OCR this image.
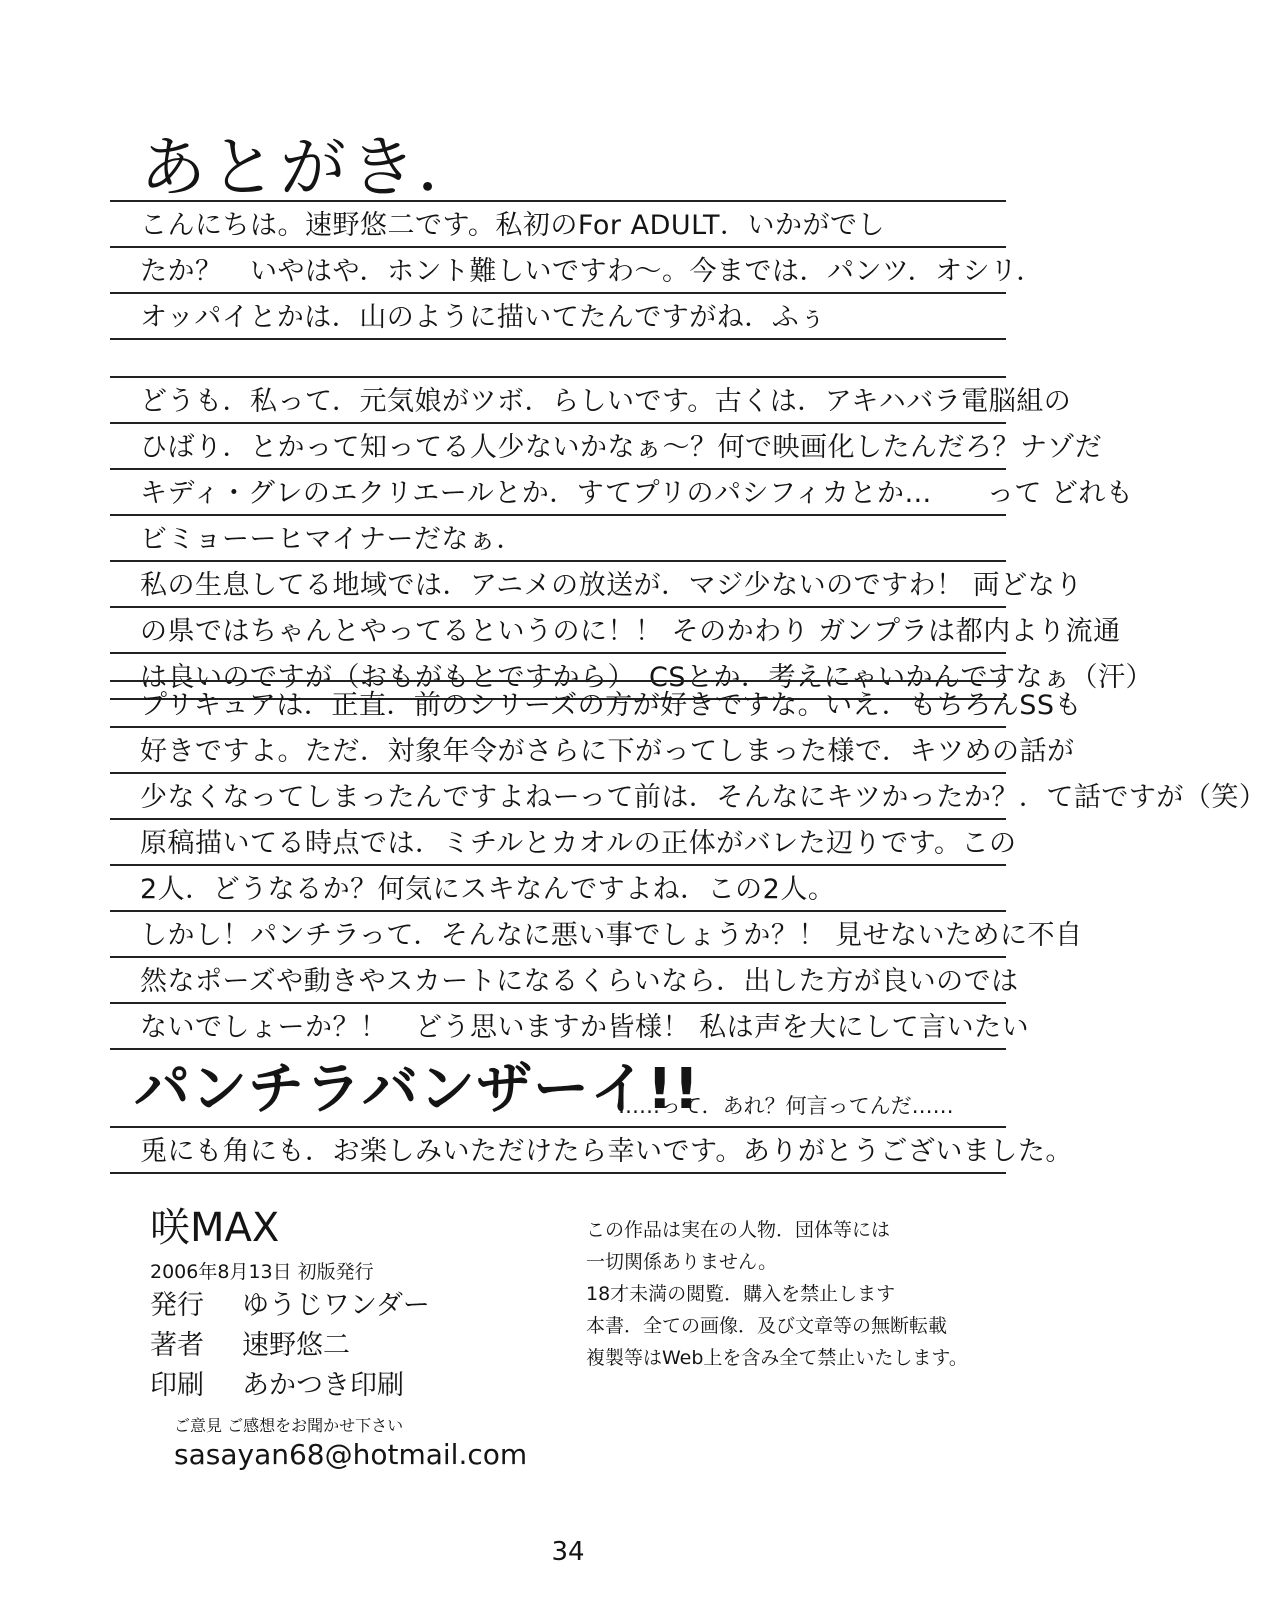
あとがき．
こんにちは。速野悠二です。私初のFor ADULT．いかがでし
たか？　いやはや．ホント難しいですわ～。今までは．パンツ．オシリ．
オッパイとかは．山のように描いてたんですがね．ふぅ
どうも．私って．元気娘がツボ．らしいです。古くは．アキハバラ電脳組の
ひばり．とかって知ってる人少ないかなぁ～？何で映画化したんだろ？ナゾだ
キディ・グレのエクリエールとか．すてプリのパシフィカとか…　　って どれも
ビミョーーヒマイナーだなぁ．
私の生息してる地域では．アニメの放送が．マジ少ないのですわ！ 両どなり
の県ではちゃんとやってるというのに！！ そのかわり ガンプラは都内より流通
は良いのですが（おもがもとですから）　CSとか．考えにゃいかんですなぁ（汗）
プリキュアは．正直．前のシリーズの方が好きですな。いえ．もちろんSSも
好きですよ。ただ．対象年令がさらに下がってしまった様で．キツめの話が
少なくなってしまったんですよねーって前は．そんなにキツかったか？．て話ですが（笑）
原稿描いてる時点では．ミチルとカオルの正体がバレた辺りです。この
2人．どうなるか？何気にスキなんですよね．この2人。
しかし！パンチラって．そんなに悪い事でしょうか？！ 見せないために不自
然なポーズや動きやスカートになるくらいなら．出した方が良いのでは
ないでしょーか？！　どう思いますか皆様！ 私は声を大にして言いたい
パンチラバンザーイ!!
……って．あれ？何言ってんだ……
兎にも角にも．お楽しみいただけたら幸いです。ありがとうございました。
咲MAX
2006年8月13日 初版発行
発行 ゆうじワンダー
著者 速野悠二
印刷 あかつき印刷
ご意見 ご感想をお聞かせ下さい
sasayan68@hotmail.com
この作品は実在の人物．団体等には
一切関係ありません。
18才未満の閲覧．購入を禁止します
本書．全ての画像．及び文章等の無断転載
複製等はWeb上を含み全て禁止いたします。
34
